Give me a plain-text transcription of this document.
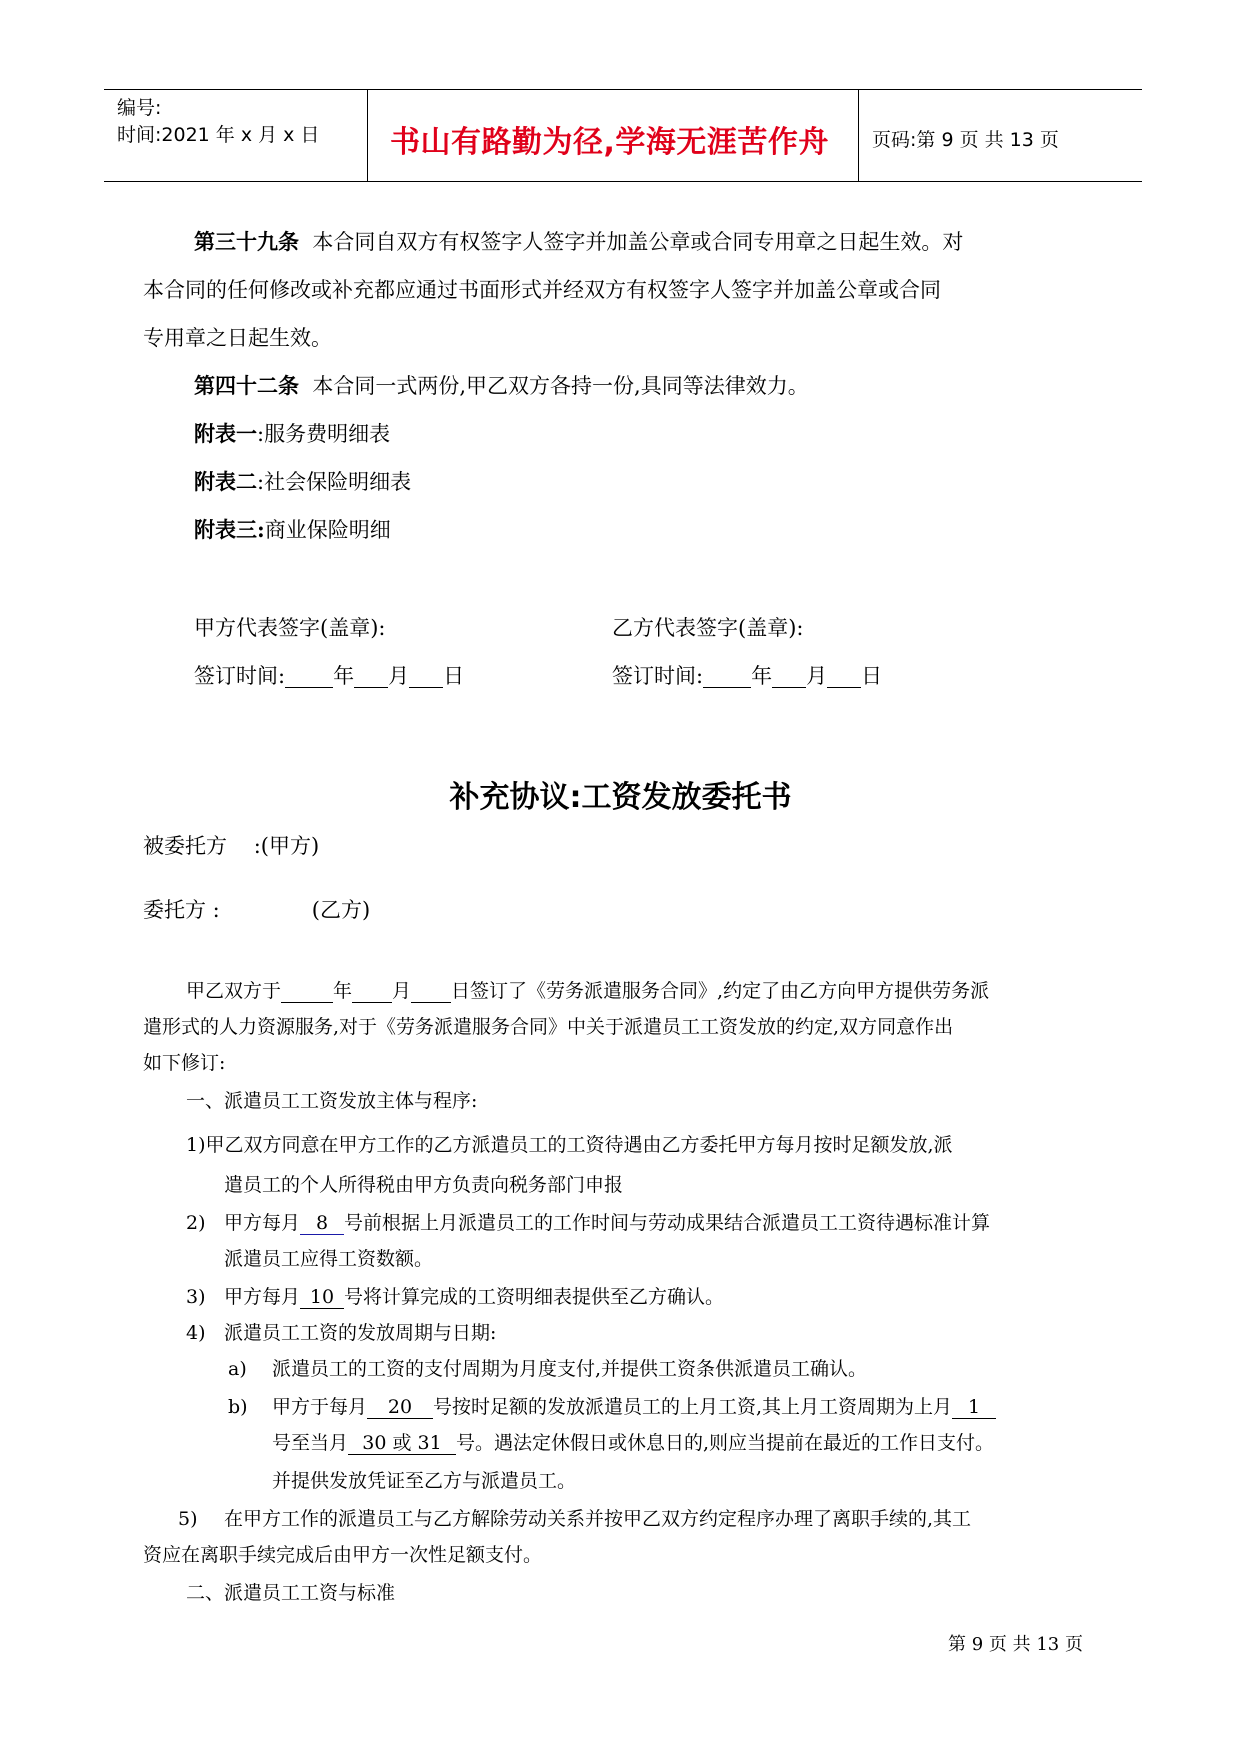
编号:
时间:2021 年 x 月 x 日 书山有路勤为径,学海无涯苦作舟 页码:第 9 页 共 13 页
第三十九条 本合同自双方有权签字人签字并加盖公章或合同专用章之日起生效。对
本合同的任何修改或补充都应通过书面形式并经双方有权签字人签字并加盖公章或合同
专用章之日起生效。
第四十二条 本合同一式两份,甲乙双方各持一份,具同等法律效力。
附表一:服务费明细表
附表二:社会保险明细表
附表三:商业保险明细
甲方代表签字(盖章):	乙方代表签字(盖章):
签订时间: 年 月 日	签订时间: 年 月 日
补充协议:工资发放委托书
被委托方 :(甲方)
委托方 :	(乙方)
甲乙双方于	年 月 日签订了《劳务派遣服务合同》,约定了由乙方向甲方提供劳务派
遣形式的人力资源服务,对于《劳务派遣服务合同》中关于派遣员工工资发放的约定,双方同意作出
如下修订:
一、派遣员工工资发放主体与程序:
1)甲乙双方同意在甲方工作的乙方派遣员工的工资待遇由乙方委托甲方每月按时足额发放,派
遣员工的个人所得税由甲方负责向税务部门申报
2) 甲方每月 8 号前根据上月派遣员工的工作时间与劳动成果结合派遣员工工资待遇标准计算
派遣员工应得工资数额。
3) 甲方每月 10 号将计算完成的工资明细表提供至乙方确认。
4) 派遣员工工资的发放周期与日期:
a) 派遣员工的工资的支付周期为月度支付,并提供工资条供派遣员工确认。
b) 甲方于每月 20 号按时足额的发放派遣员工的上月工资,其上月工资周期为上月 1
号至当月 30 或 31 号。遇法定休假日或休息日的,则应当提前在最近的工作日支付。
并提供发放凭证至乙方与派遣员工。
5) 在甲方工作的派遣员工与乙方解除劳动关系并按甲乙双方约定程序办理了离职手续的,其工
资应在离职手续完成后由甲方一次性足额支付。
二、派遣员工工资与标准
第 9 页 共 13 页
